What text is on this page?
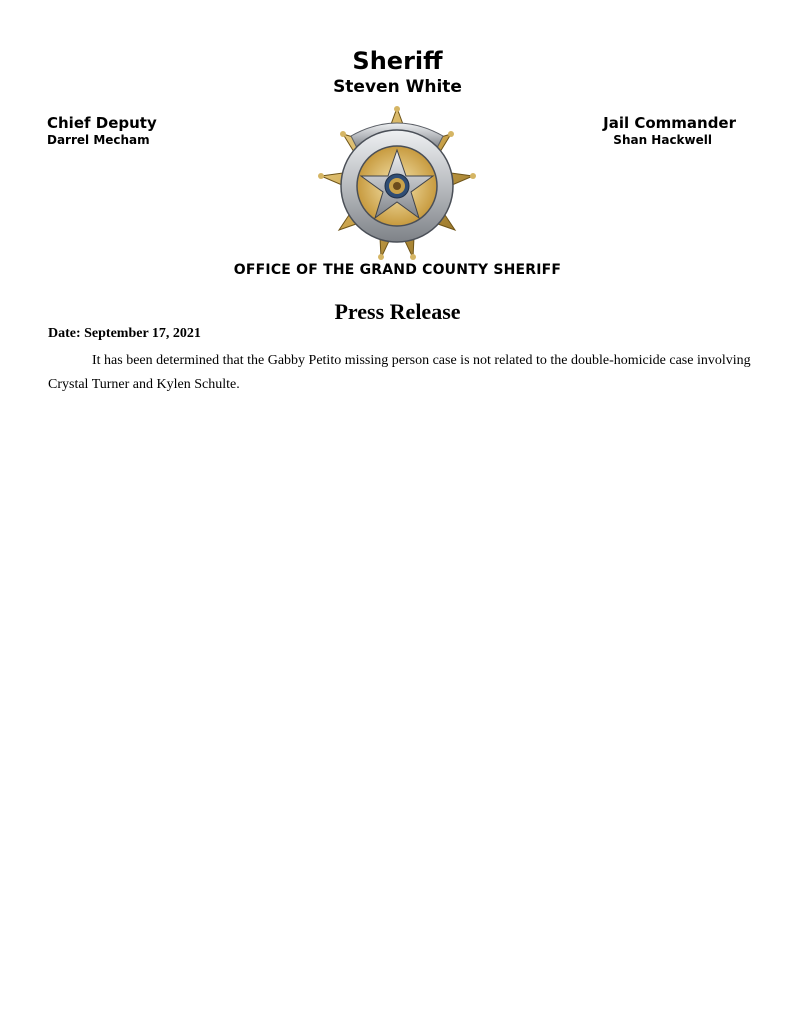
Sheriff
Steven White
Chief Deputy
Darrel Mecham
Jail Commander
Shan Hackwell
OFFICE OF THE GRAND COUNTY SHERIFF
Press Release
Date: September 17, 2021
It has been determined that the Gabby Petito missing person case is not related to the double-homicide case involving Crystal Turner and Kylen Schulte.
